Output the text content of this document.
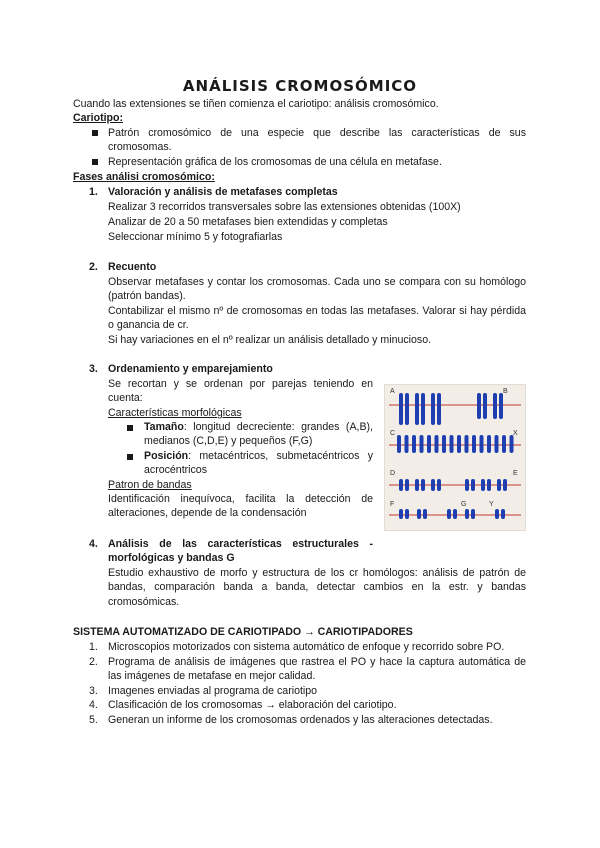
ANÁLISIS CROMOSÓMICO
Cuando las extensiones se tiñen comienza el cariotipo: análisis cromosómico.
Cariotipo:
Patrón cromosómico de una especie que describe las características de sus cromosomas.
Representación gráfica de los cromosomas de una célula en metafase.
Fases análisi cromosómico:
1. Valoración y análisis de metafases completas
Realizar 3 recorridos transversales sobre las extensiones obtenidas (100X)
Analizar de 20 a 50 metafases bien extendidas y completas
Seleccionar mínimo 5 y fotografiarlas
2. Recuento
Observar metafases y contar los cromosomas. Cada uno se compara con su homólogo (patrón bandas).
Contabilizar el mismo nº de cromosomas en todas las metafases. Valorar si hay pérdida o ganancia de cr.
Si hay variaciones en el nº realizar un análisis detallado y minucioso.
3. Ordenamiento y emparejamiento
Se recortan y se ordenan por parejas teniendo en cuenta:
Características morfológicas
Tamaño: longitud decreciente: grandes (A,B), medianos (C,D,E) y pequeños (F,G)
Posición: metacéntricos, submetacéntricos y acrocéntricos
Patron de bandas
Identificación inequívoca, facilita la detección de alteraciones, depende de la condensación
A	B
C	X
D	E
F	G	Y
4. Análisis de las características estructurales - morfológicas y bandas G
Estudio exhaustivo de morfo y estructura de los cr homólogos: análisis de patrón de bandas, comparación banda a banda, detectar cambios en la estr. y bandas cromosómicas.
SISTEMA AUTOMATIZADO DE CARIOTIPADO → CARIOTIPADORES
1. Microscopios motorizados con sistema automático de enfoque y recorrido sobre PO.
2. Programa de análisis de imágenes que rastrea el PO y hace la captura automática de las imágenes de metafase en mejor calidad.
3. Imagenes enviadas al programa de cariotipo
4. Clasificación de los cromosomas → elaboración del cariotipo.
5. Generan un informe de los cromosomas ordenados y las alteraciones detectadas.
